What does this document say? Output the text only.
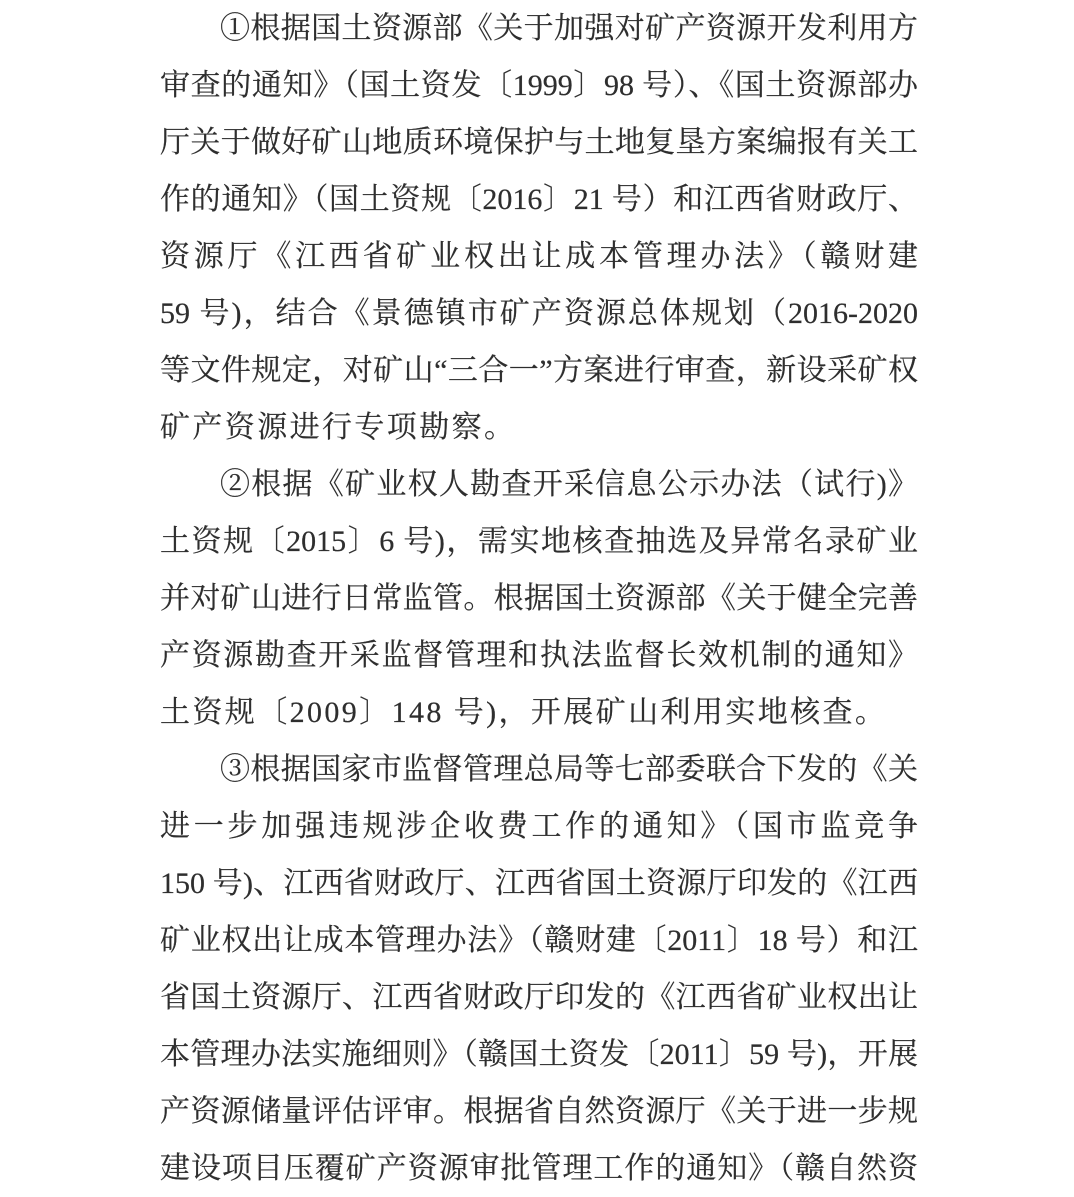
①根据国土资源部《关于加强对矿产资源开发利用方
审查的通知》（国土资发〔1999〕98 号）、《国土资源部办
厅关于做好矿山地质环境保护与土地复垦方案编报有关工
作的通知》（国土资规〔2016〕21 号）和江西省财政厅、
资源厅《江西省矿业权出让成本管理办法》（赣财建
59 号)，结合《景德镇市矿产资源总体规划（2016-2020
等文件规定，对矿山“三合一”方案进行审查，新设采矿权
矿产资源进行专项勘察。
②根据《矿业权人勘查开采信息公示办法（试行)》
土资规〔2015〕6 号)，需实地核查抽选及异常名录矿业
并对矿山进行日常监管。根据国土资源部《关于健全完善
产资源勘查开采监督管理和执法监督长效机制的通知》
土资规〔2009〕148 号)，开展矿山利用实地核查。
③根据国家市监督管理总局等七部委联合下发的《关
进一步加强违规涉企收费工作的通知》（国市监竞争
150 号)、江西省财政厅、江西省国土资源厅印发的《江西
矿业权出让成本管理办法》（赣财建〔2011〕18 号）和江
省国土资源厅、江西省财政厅印发的《江西省矿业权出让
本管理办法实施细则》（赣国土资发〔2011〕59 号)，开展
产资源储量评估评审。根据省自然资源厅《关于进一步规
建设项目压覆矿产资源审批管理工作的通知》（赣自然资
